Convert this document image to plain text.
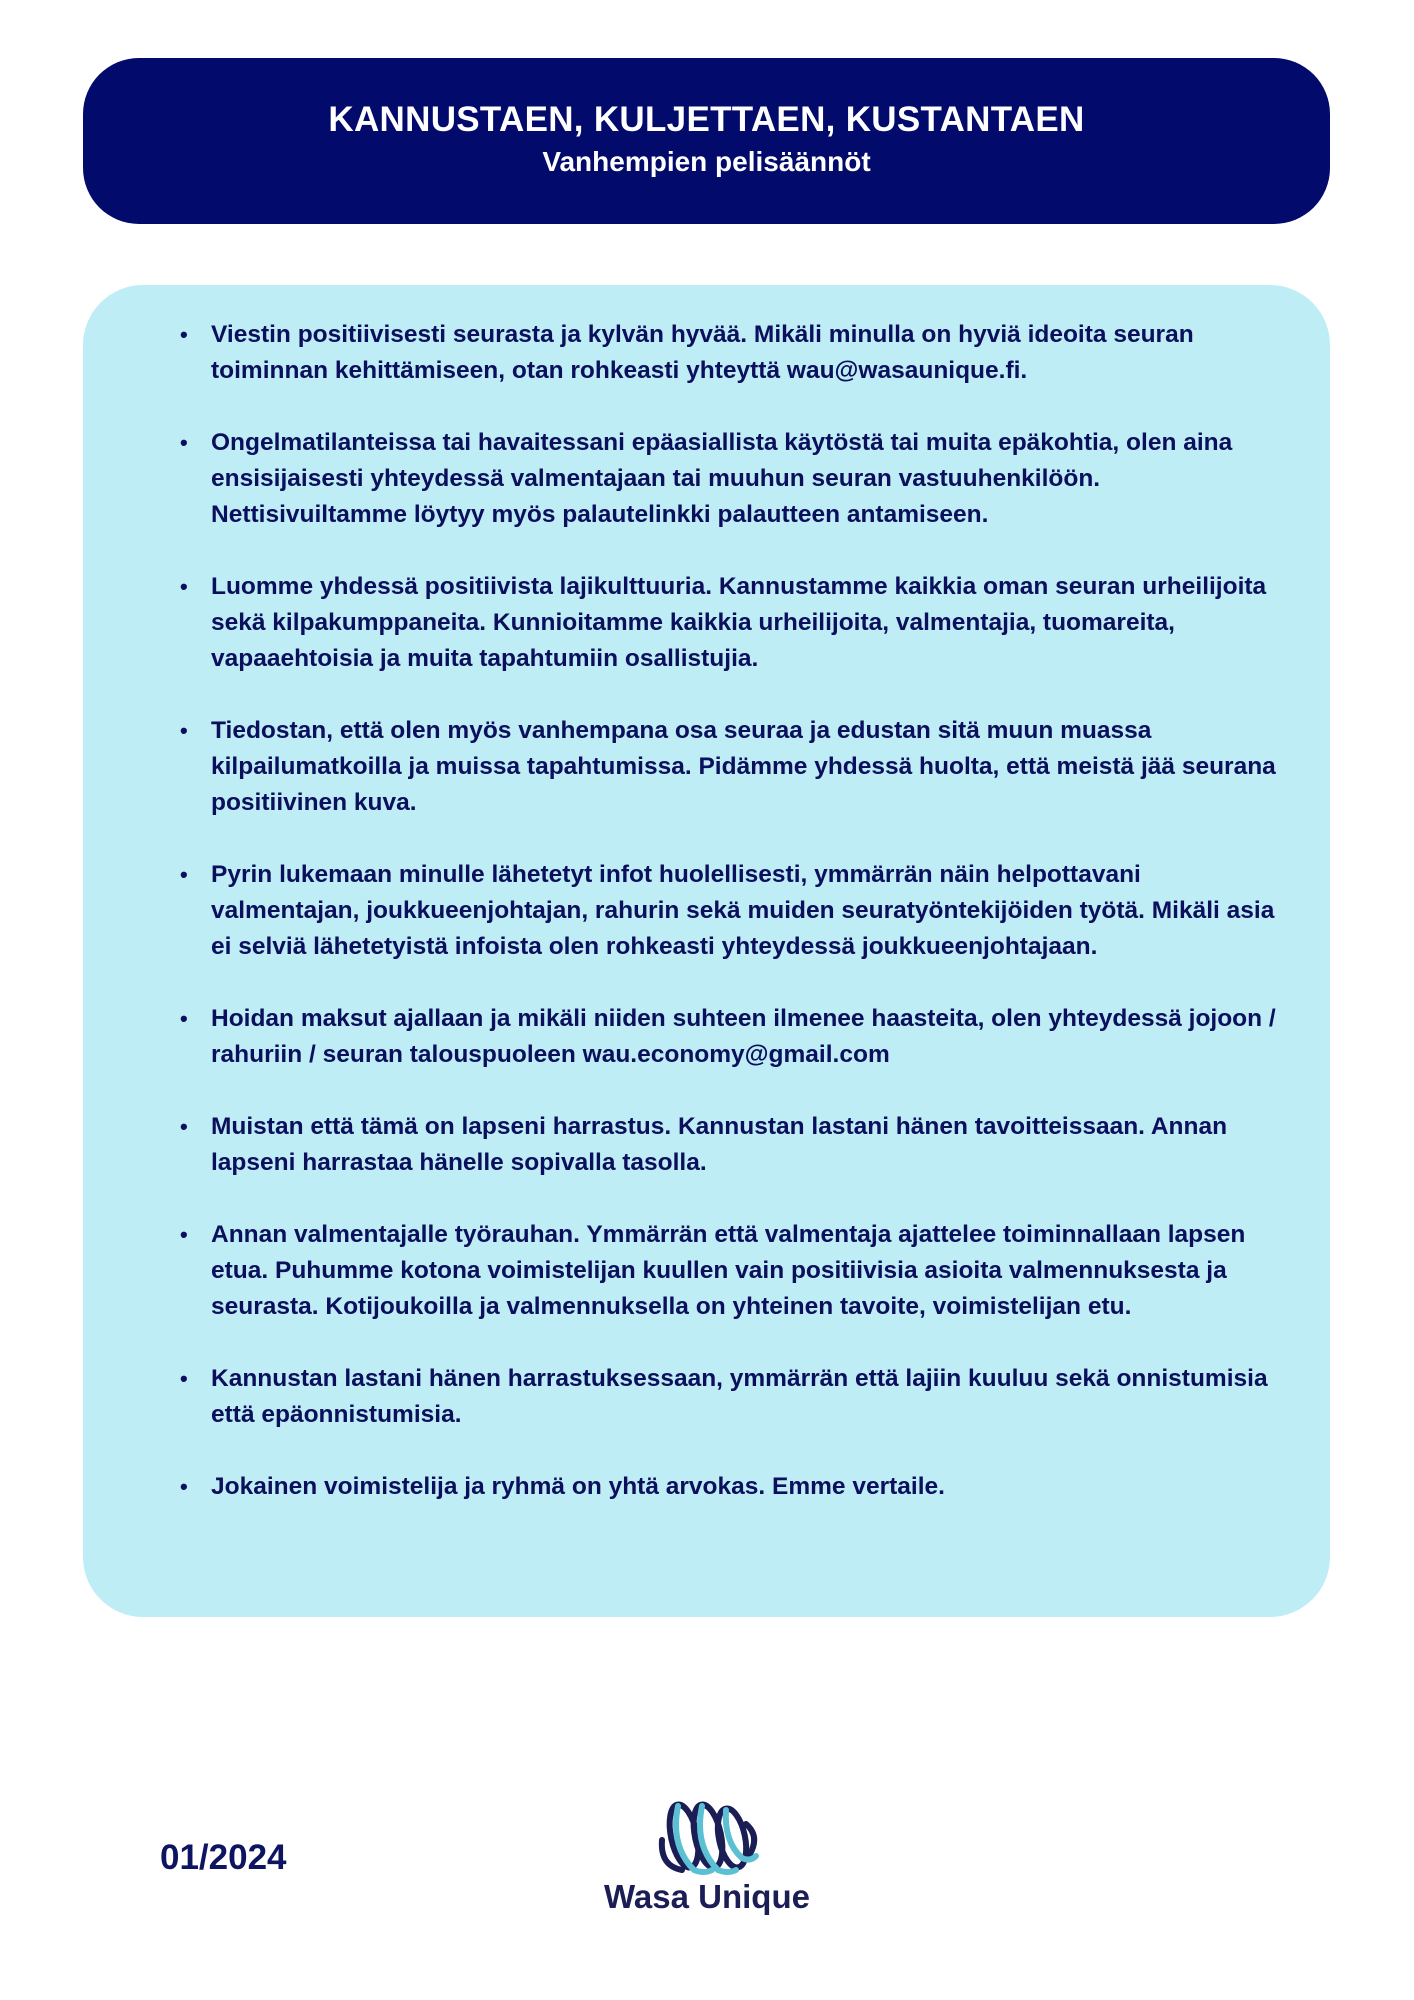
KANNUSTAEN, KULJETTAEN, KUSTANTAEN
Vanhempien pelisäännöt
• Viestin positiivisesti seurasta ja kylvän hyvää. Mikäli minulla on hyviä ideoita seuran toiminnan kehittämiseen, otan rohkeasti yhteyttä wau@wasaunique.fi.
• Ongelmatilanteissa tai havaitessani epäasiallista käytöstä tai muita epäkohtia, olen aina ensisijaisesti yhteydessä valmentajaan tai muuhun seuran vastuuhenkilöön. Nettisivuiltamme löytyy myös palautelinkki palautteen antamiseen.
• Luomme yhdessä positiivista lajikulttuuria. Kannustamme kaikkia oman seuran urheilijoita sekä kilpakumppaneita. Kunnioitamme kaikkia urheilijoita, valmentajia, tuomareita, vapaaehtoisia ja muita tapahtumiin osallistujia.
• Tiedostan, että olen myös vanhempana osa seuraa ja edustan sitä muun muassa kilpailumatkoilla ja muissa tapahtumissa. Pidämme yhdessä huolta, että meistä jää seurana positiivinen kuva.
• Pyrin lukemaan minulle lähetetyt infot huolellisesti, ymmärrän näin helpottavani valmentajan, joukkueenjohtajan, rahurin sekä muiden seuratyöntekijöiden työtä. Mikäli asia ei selviä lähetetyistä infoista olen rohkeasti yhteydessä joukkueenjohtajaan.
• Hoidan maksut ajallaan ja mikäli niiden suhteen ilmenee haasteita, olen yhteydessä jojoon / rahuriin / seuran talouspuoleen wau.economy@gmail.com
• Muistan että tämä on lapseni harrastus. Kannustan lastani hänen tavoitteissaan. Annan lapseni harrastaa hänelle sopivalla tasolla.
• Annan valmentajalle työrauhan. Ymmärrän että valmentaja ajattelee toiminnallaan lapsen etua. Puhumme kotona voimistelijan kuullen vain positiivisia asioita valmennuksesta ja seurasta. Kotijoukoilla ja valmennuksella on yhteinen tavoite, voimistelijan etu.
• Kannustan lastani hänen harrastuksessaan, ymmärrän että lajiin kuuluu sekä onnistumisia että epäonnistumisia.
• Jokainen voimistelija ja ryhmä on yhtä arvokas. Emme vertaile.
01/2024
Wasa Unique
